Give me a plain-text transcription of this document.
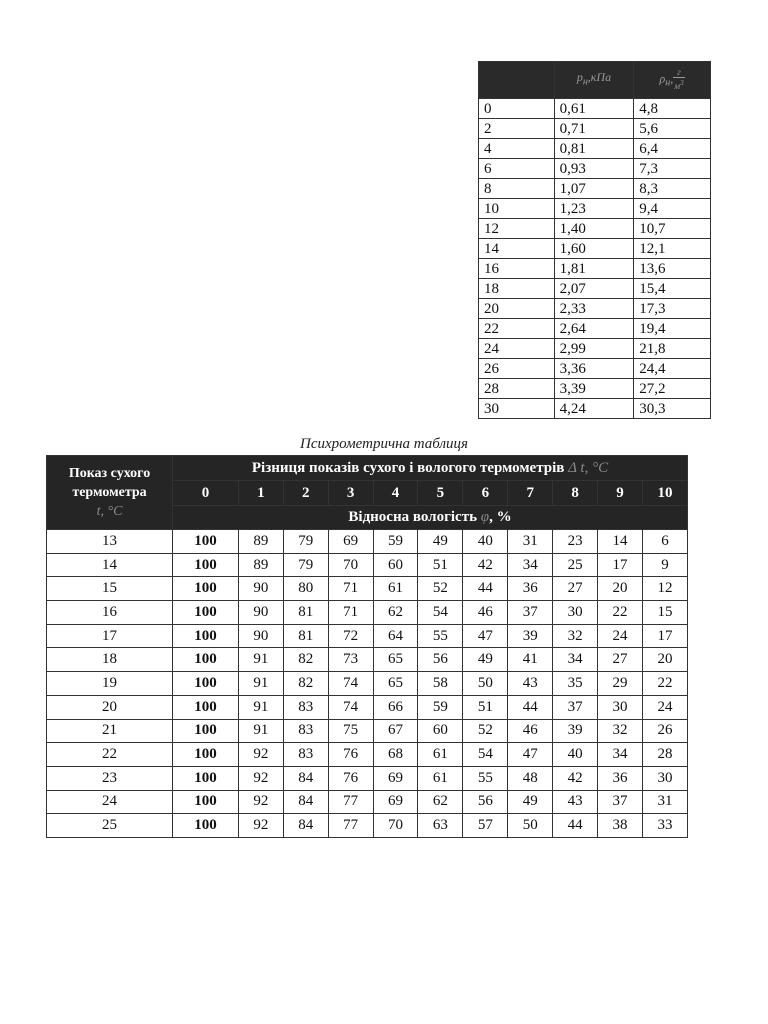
	$p_н,кПа$	$\rho_н$, $\frac{г}{м^3}$

0	0,61	4,8
2	0,71	5,6
4	0,81	6,4
6	0,93	7,3
8	1,07	8,3
10	1,23	9,4
12	1,40	10,7
14	1,60	12,1
16	1,81	13,6
18	2,07	15,4
20	2,33	17,3
22	2,64	19,4
24	2,99	21,8
26	3,36	24,4
28	3,39	27,2
30	4,24	30,3
Психрометрична таблиця
Показ сухого
термометра
t, °C	Різниця показів сухого і вологого термометрів Δ t, °C										
	0	1	2	3	4	5	6	7	8	9	10
	Відносна вологість φ, %										
13	100	89	79	69	59	49	40	31	23	14	6
14	100	89	79	70	60	51	42	34	25	17	9
15	100	90	80	71	61	52	44	36	27	20	12
16	100	90	81	71	62	54	46	37	30	22	15
17	100	90	81	72	64	55	47	39	32	24	17
18	100	91	82	73	65	56	49	41	34	27	20
19	100	91	82	74	65	58	50	43	35	29	22
20	100	91	83	74	66	59	51	44	37	30	24
21	100	91	83	75	67	60	52	46	39	32	26
22	100	92	83	76	68	61	54	47	40	34	28
23	100	92	84	76	69	61	55	48	42	36	30
24	100	92	84	77	69	62	56	49	43	37	31
25	100	92	84	77	70	63	57	50	44	38	33
